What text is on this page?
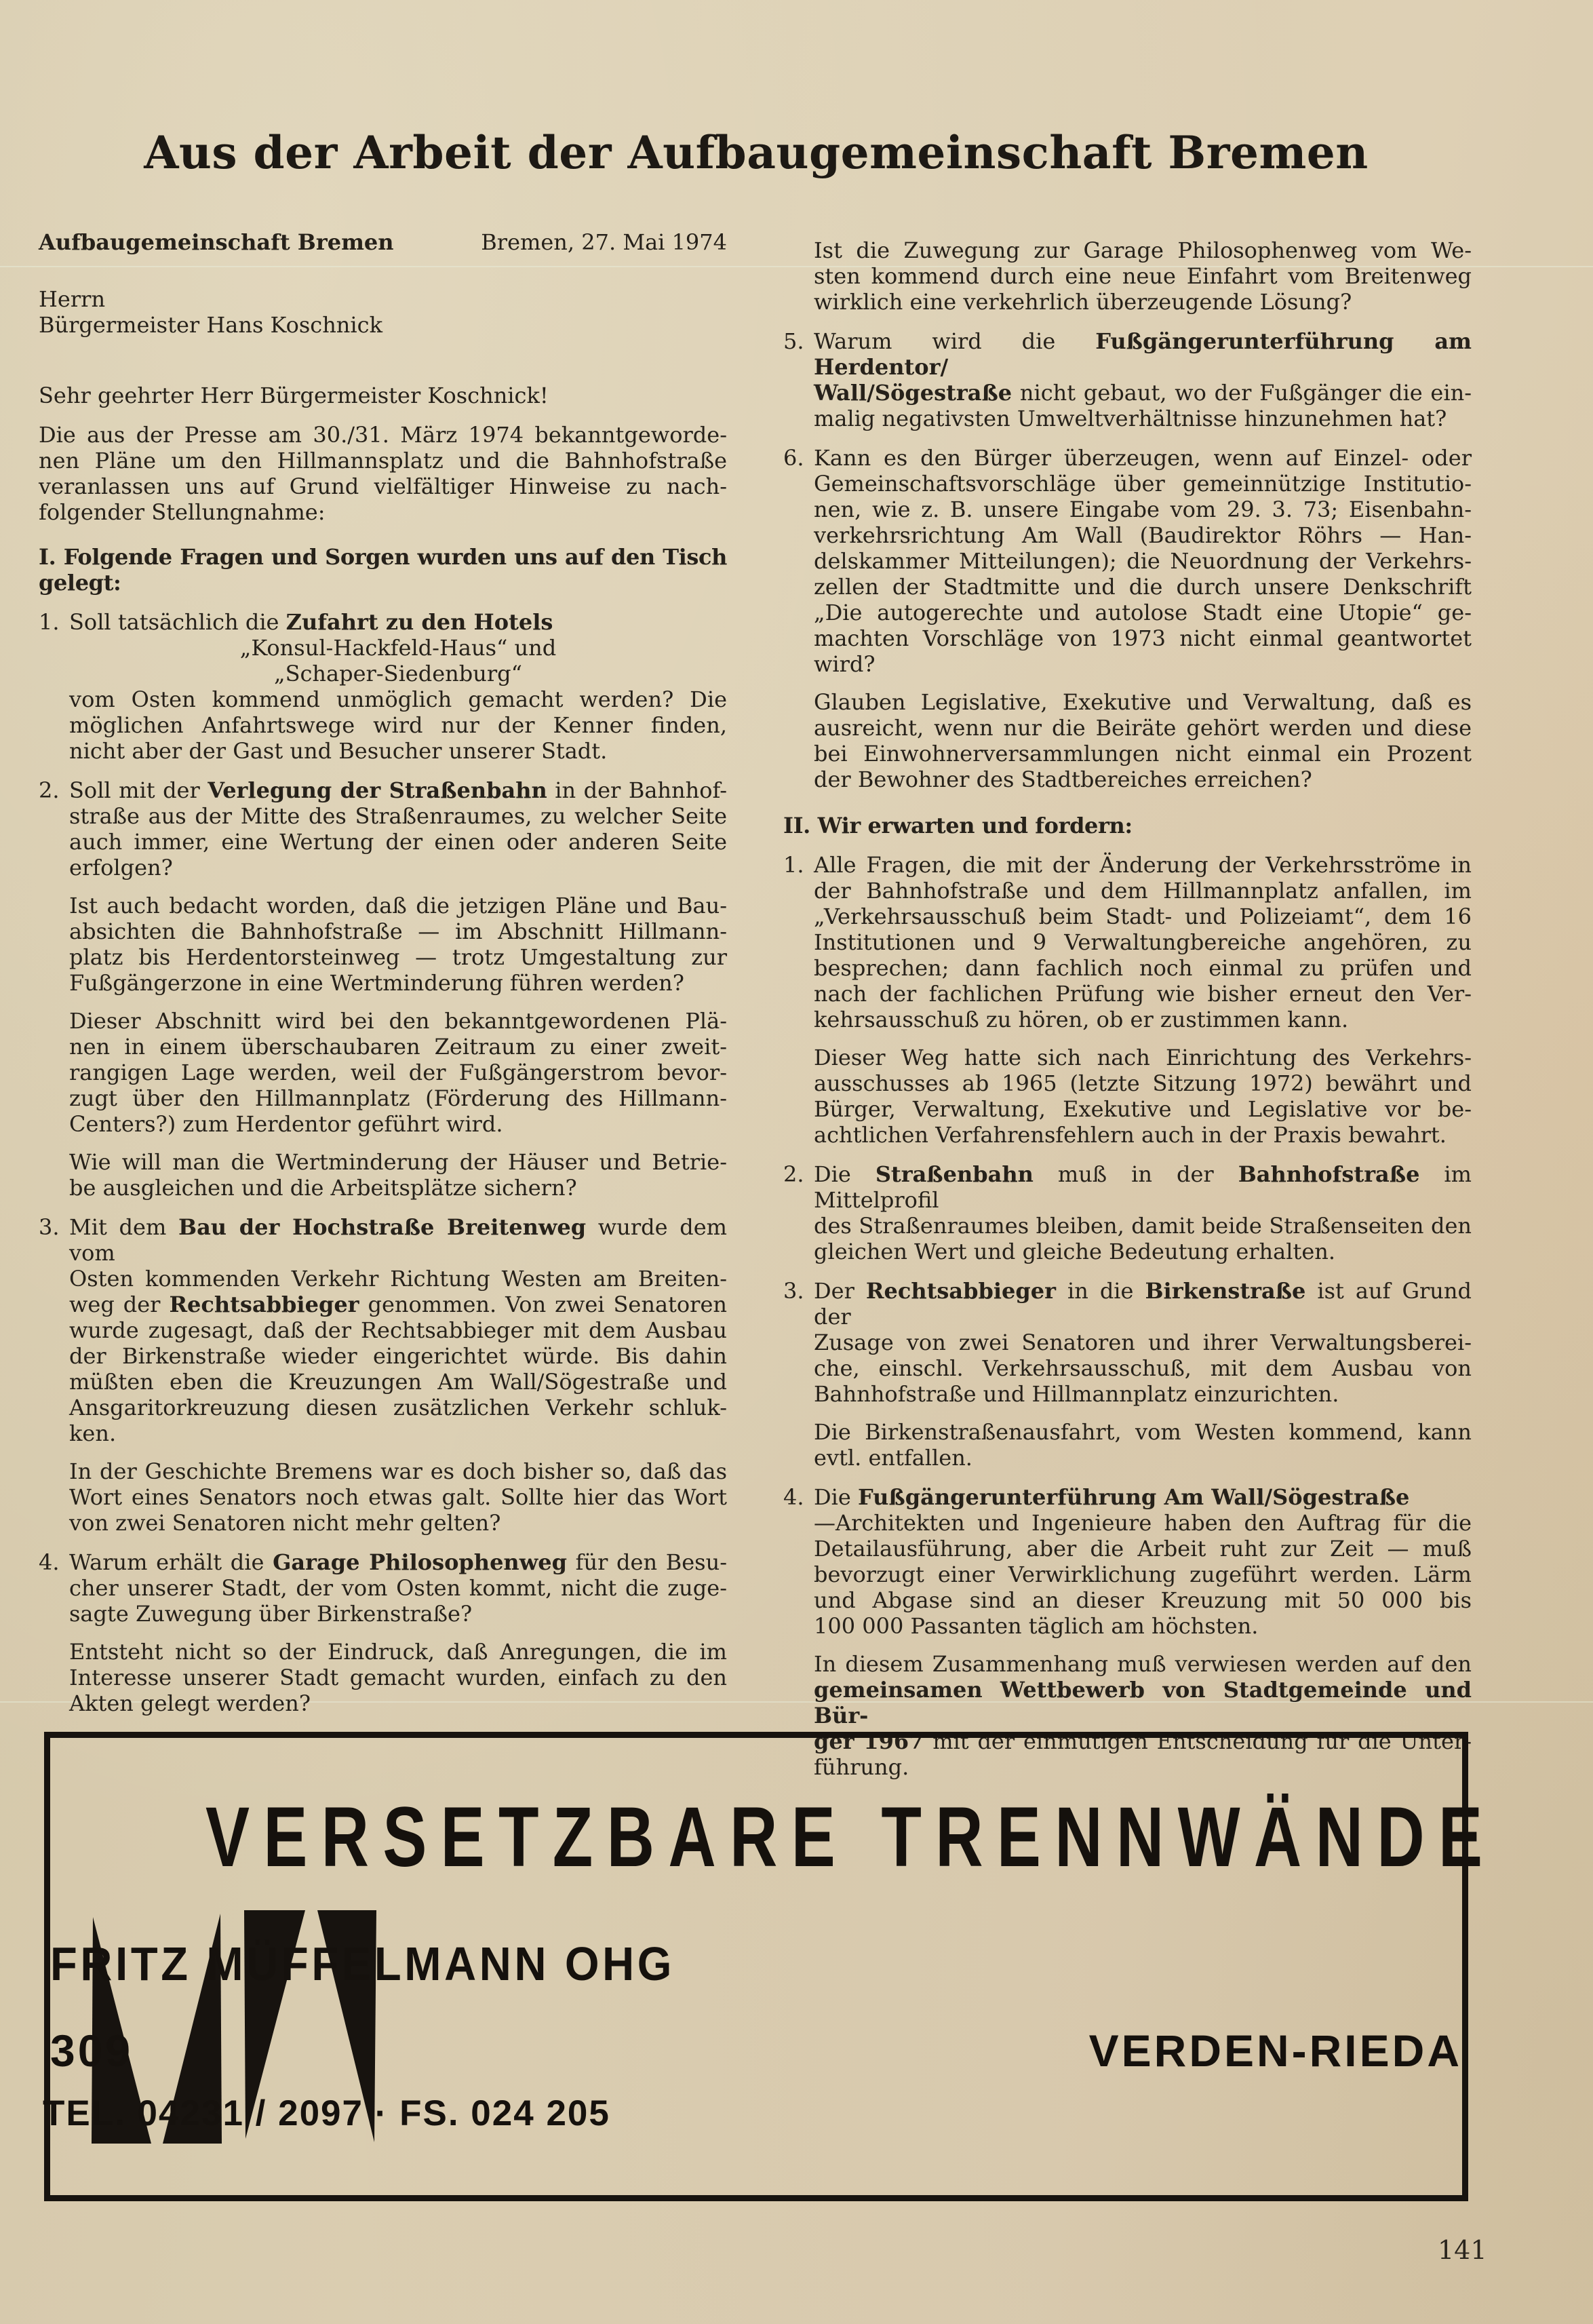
Aus der Arbeit der Aufbaugemeinschaft Bremen
Aufbaugemeinschaft Bremen	Bremen, 27. Mai 1974
Herrn
Bürgermeister Hans Koschnick
Sehr geehrter Herr Bürgermeister Koschnick!
Die aus der Presse am 30./31. März 1974 bekanntgeworde-
nen Pläne um den Hillmannsplatz und die Bahnhofstraße
veranlassen uns auf Grund vielfältiger Hinweise zu nach-
folgender Stellungnahme:
I. Folgende Fragen und Sorgen wurden uns auf den Tisch
gelegt:
1. Soll tatsächlich die Zufahrt zu den Hotels
„Konsul-Hackfeld-Haus“ und
„Schaper-Siedenburg“
vom Osten kommend unmöglich gemacht werden? Die
möglichen Anfahrtswege wird nur der Kenner finden,
nicht aber der Gast und Besucher unserer Stadt.
2. Soll mit der Verlegung der Straßenbahn in der Bahnhof-
straße aus der Mitte des Straßenraumes, zu welcher Seite
auch immer, eine Wertung der einen oder anderen Seite
erfolgen?
Ist auch bedacht worden, daß die jetzigen Pläne und Bau-
absichten die Bahnhofstraße — im Abschnitt Hillmann-
platz bis Herdentorsteinweg — trotz Umgestaltung zur
Fußgängerzone in eine Wertminderung führen werden?
Dieser Abschnitt wird bei den bekanntgewordenen Plä-
nen in einem überschaubaren Zeitraum zu einer zweit-
rangigen Lage werden, weil der Fußgängerstrom bevor-
zugt über den Hillmannplatz (Förderung des Hillmann-
Centers?) zum Herdentor geführt wird.
Wie will man die Wertminderung der Häuser und Betrie-
be ausgleichen und die Arbeitsplätze sichern?
3. Mit dem Bau der Hochstraße Breitenweg wurde dem vom
Osten kommenden Verkehr Richtung Westen am Breiten-
weg der Rechtsabbieger genommen. Von zwei Senatoren
wurde zugesagt, daß der Rechtsabbieger mit dem Ausbau
der Birkenstraße wieder eingerichtet würde. Bis dahin
müßten eben die Kreuzungen Am Wall/Sögestraße und
Ansgaritorkreuzung diesen zusätzlichen Verkehr schluk-
ken.
In der Geschichte Bremens war es doch bisher so, daß das
Wort eines Senators noch etwas galt. Sollte hier das Wort
von zwei Senatoren nicht mehr gelten?
4. Warum erhält die Garage Philosophenweg für den Besu-
cher unserer Stadt, der vom Osten kommt, nicht die zuge-
sagte Zuwegung über Birkenstraße?
Entsteht nicht so der Eindruck, daß Anregungen, die im
Interesse unserer Stadt gemacht wurden, einfach zu den
Akten gelegt werden?
Ist die Zuwegung zur Garage Philosophenweg vom We-
sten kommend durch eine neue Einfahrt vom Breitenweg
wirklich eine verkehrlich überzeugende Lösung?
5. Warum wird die Fußgängerunterführung am Herdentor/
Wall/Sögestraße nicht gebaut, wo der Fußgänger die ein-
malig negativsten Umweltverhältnisse hinzunehmen hat?
6. Kann es den Bürger überzeugen, wenn auf Einzel- oder
Gemeinschaftsvorschläge über gemeinnützige Institutio-
nen, wie z. B. unsere Eingabe vom 29. 3. 73; Eisenbahn-
verkehrsrichtung Am Wall (Baudirektor Röhrs — Han-
delskammer Mitteilungen); die Neuordnung der Verkehrs-
zellen der Stadtmitte und die durch unsere Denkschrift
„Die autogerechte und autolose Stadt eine Utopie“ ge-
machten Vorschläge von 1973 nicht einmal geantwortet
wird?
Glauben Legislative, Exekutive und Verwaltung, daß es
ausreicht, wenn nur die Beiräte gehört werden und diese
bei Einwohnerversammlungen nicht einmal ein Prozent
der Bewohner des Stadtbereiches erreichen?
II. Wir erwarten und fordern:
1. Alle Fragen, die mit der Änderung der Verkehrsströme in
der Bahnhofstraße und dem Hillmannplatz anfallen, im
„Verkehrsausschuß beim Stadt- und Polizeiamt“, dem 16
Institutionen und 9 Verwaltungbereiche angehören, zu
besprechen; dann fachlich noch einmal zu prüfen und
nach der fachlichen Prüfung wie bisher erneut den Ver-
kehrsausschuß zu hören, ob er zustimmen kann.
Dieser Weg hatte sich nach Einrichtung des Verkehrs-
ausschusses ab 1965 (letzte Sitzung 1972) bewährt und
Bürger, Verwaltung, Exekutive und Legislative vor be-
achtlichen Verfahrensfehlern auch in der Praxis bewahrt.
2. Die Straßenbahn muß in der Bahnhofstraße im Mittelprofil
des Straßenraumes bleiben, damit beide Straßenseiten den
gleichen Wert und gleiche Bedeutung erhalten.
3. Der Rechtsabbieger in die Birkenstraße ist auf Grund der
Zusage von zwei Senatoren und ihrer Verwaltungsberei-
che, einschl. Verkehrsausschuß, mit dem Ausbau von
Bahnhofstraße und Hillmannplatz einzurichten.
Die Birkenstraßenausfahrt, vom Westen kommend, kann
evtl. entfallen.
4. Die Fußgängerunterführung Am Wall/Sögestraße
—Architekten und Ingenieure haben den Auftrag für die
Detailausführung, aber die Arbeit ruht zur Zeit — muß
bevorzugt einer Verwirklichung zugeführt werden. Lärm
und Abgase sind an dieser Kreuzung mit 50 000 bis
100 000 Passanten täglich am höchsten.
In diesem Zusammenhang muß verwiesen werden auf den
gemeinsamen Wettbewerb von Stadtgemeinde und Bür-
ger 1967 mit der einmütigen Entscheidung für die Unter-
führung.
VERSETZBARE TRENNWÄNDE
FRITZ MÜFFELMANN OHG
309	VERDEN-RIEDA
TEL. 04231 / 2097 · FS. 024 205
141
